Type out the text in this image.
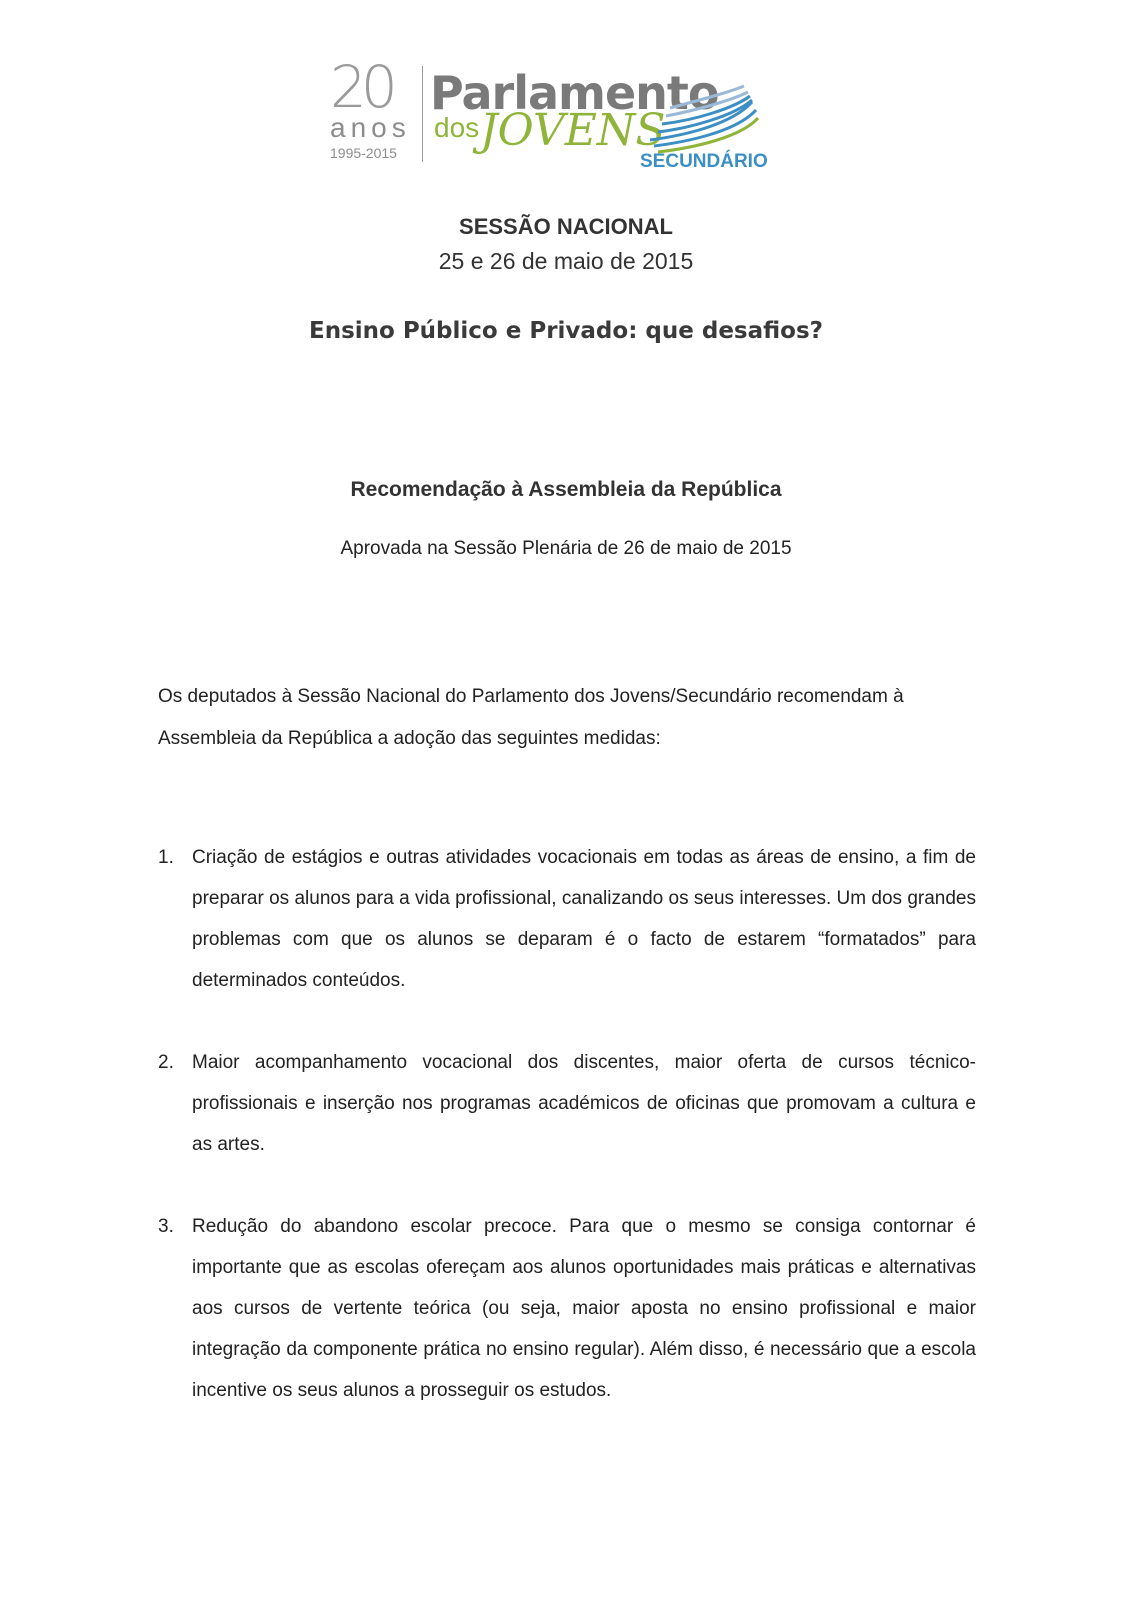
20
anos
1995-2015
Parlamento
dos JOVENS
SECUNDÁRIO
SESSÃO NACIONAL
25 e 26 de maio de 2015
Ensino Público e Privado: que desafios?
Recomendação à Assembleia da República
Aprovada na Sessão Plenária de 26 de maio de 2015
Os deputados à Sessão Nacional do Parlamento dos Jovens/Secundário recomendam à Assembleia da República a adoção das seguintes medidas:
1. Criação de estágios e outras atividades vocacionais em todas as áreas de ensino, a fim de preparar os alunos para a vida profissional, canalizando os seus interesses. Um dos grandes problemas com que os alunos se deparam é o facto de estarem “formatados” para determinados conteúdos.
2. Maior acompanhamento vocacional dos discentes, maior oferta de cursos técnico-profissionais e inserção nos programas académicos de oficinas que promovam a cultura e as artes.
3. Redução do abandono escolar precoce. Para que o mesmo se consiga contornar é importante que as escolas ofereçam aos alunos oportunidades mais práticas e alternativas aos cursos de vertente teórica (ou seja, maior aposta no ensino profissional e maior integração da componente prática no ensino regular). Além disso, é necessário que a escola incentive os seus alunos a prosseguir os estudos.
